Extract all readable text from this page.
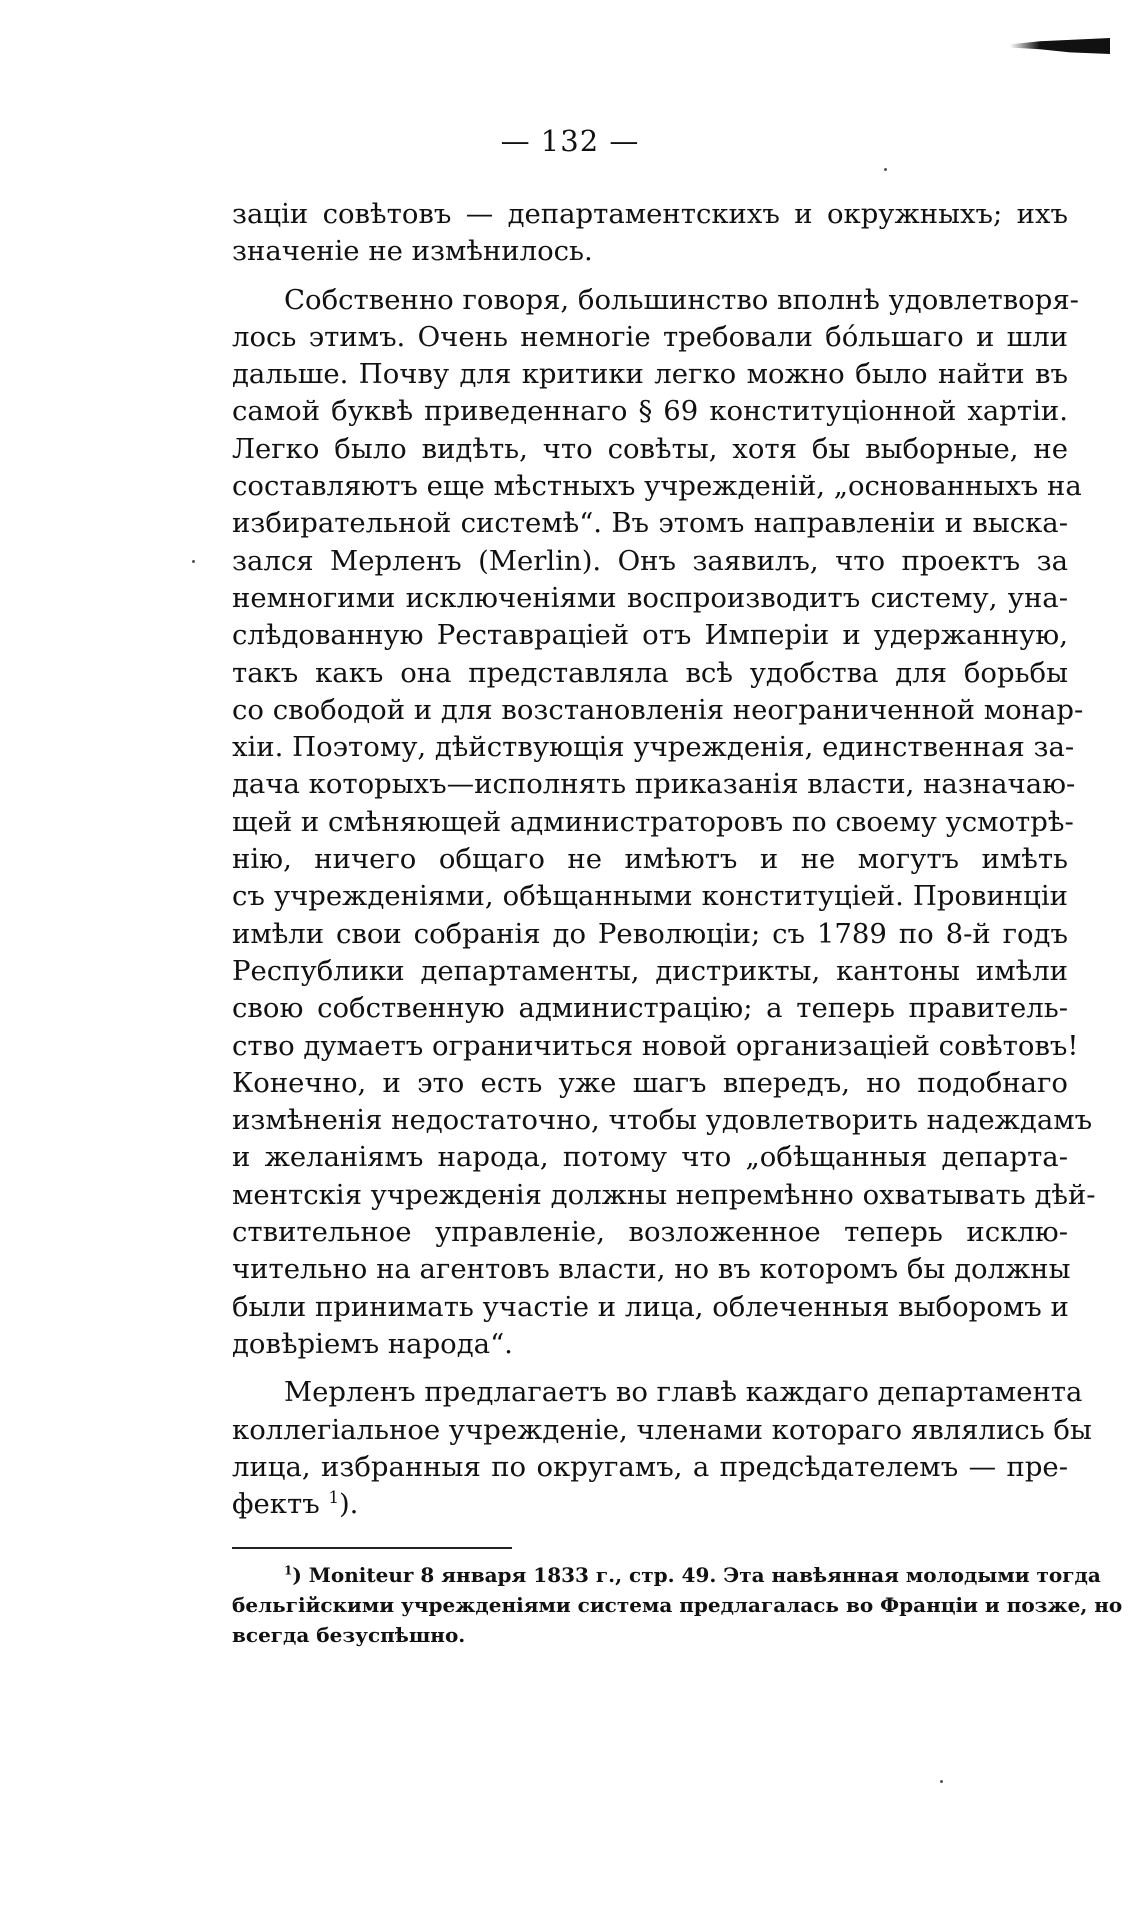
— 132 —
заціи совѣтовъ — департаментскихъ и окружныхъ; ихъ
значеніе не измѣнилось.
Собственно говоря, большинство вполнѣ удовлетворя-
лось этимъ. Очень немногіе требовали бóльшаго и шли
дальше. Почву для критики легко можно было найти въ
самой буквѣ приведеннаго § 69 конституціонной хартіи.
Легко было видѣть, что совѣты, хотя бы выборные, не
составляютъ еще мѣстныхъ учрежденій, „основанныхъ на
избирательной системѣ“. Въ этомъ направленіи и выска-
зался Мерленъ (Merlin). Онъ заявилъ, что проектъ за
немногими исключеніями воспроизводитъ систему, уна-
слѣдованную Реставраціей отъ Имперіи и удержанную,
такъ какъ она представляла всѣ удобства для борьбы
со свободой и для возстановленія неограниченной монар-
хіи. Поэтому, дѣйствующія учрежденія, единственная за-
дача которыхъ—исполнять приказанія власти, назначаю-
щей и смѣняющей администраторовъ по своему усмотрѣ-
нію, ничего общаго не имѣютъ и не могутъ имѣть
съ учрежденіями, обѣщанными конституціей. Провинціи
имѣли свои собранія до Революціи; съ 1789 по 8-й годъ
Республики департаменты, дистрикты, кантоны имѣли
свою собственную администрацію; а теперь правитель-
ство думаетъ ограничиться новой организаціей совѣтовъ!
Конечно, и это есть уже шагъ впередъ, но подобнаго
измѣненія недостаточно, чтобы удовлетворить надеждамъ
и желаніямъ народа, потому что „обѣщанныя департа-
ментскія учрежденія должны непремѣнно охватывать дѣй-
ствительное управленіе, возложенное теперь исклю-
чительно на агентовъ власти, но въ которомъ бы должны
были принимать участіе и лица, облеченныя выборомъ и
довѣріемъ народа“.
Мерленъ предлагаетъ во главѣ каждаго департамента
коллегіальное учрежденіе, членами котораго являлись бы
лица, избранныя по округамъ, а предсѣдателемъ — пре-
фектъ $^1$).
$^1$) Moniteur 8 января 1833 г., стр. 49. Эта навѣянная молодыми тогда
бельгійскими учрежденіями система предлагалась во Франціи и позже, но
всегда безуспѣшно.
